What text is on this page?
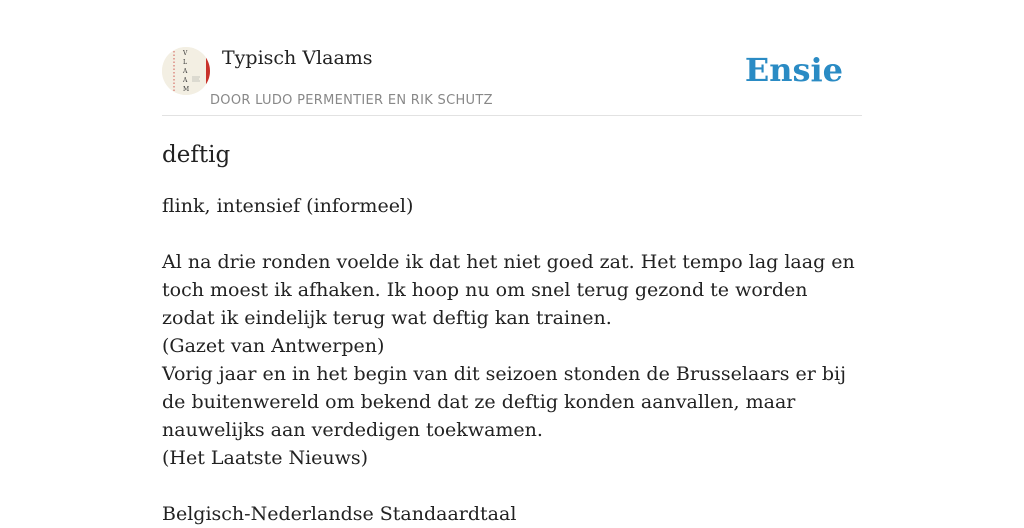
V
L
A
A
M
Typisch Vlaams
DOOR LUDO PERMENTIER EN RIK SCHUTZ
Ensie
deftig

flink, intensief (informeel)

Al na drie ronden voelde ik dat het niet goed zat. Het tempo lag laag en toch moest ik afhaken. Ik hoop nu om snel terug gezond te worden zodat ik eindelijk terug wat deftig kan trainen.

(Gazet van Antwerpen)

Vorig jaar en in het begin van dit seizoen stonden de Brusselaars er bij de buitenwereld om bekend dat ze deftig konden aanvallen, maar nauwelijks aan verdedigen toekwamen.

(Het Laatste Nieuws)

Belgisch-Nederlandse Standaardtaal
